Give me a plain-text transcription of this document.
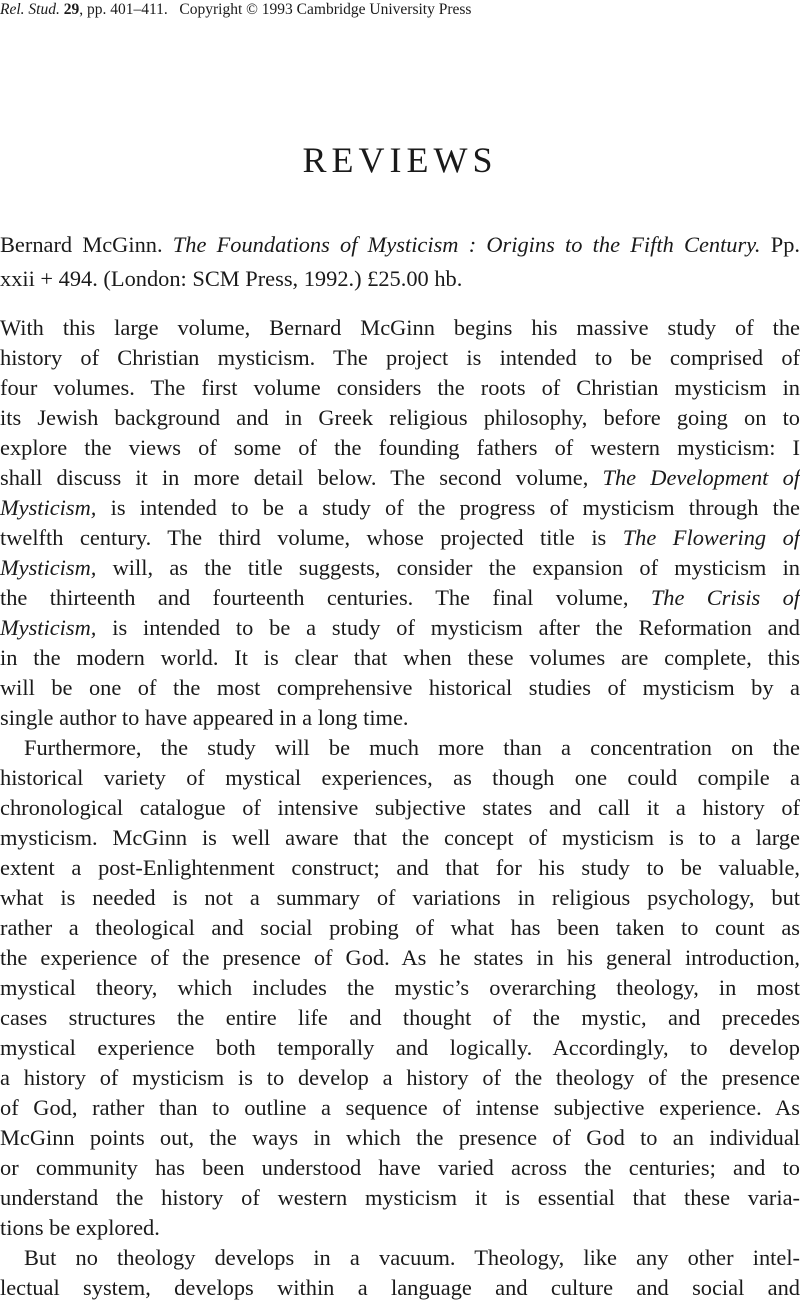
Rel. Stud. 29, pp. 401–411. Copyright © 1993 Cambridge University Press
REVIEWS
Bernard McGinn. The Foundations of Mysticism : Origins to the Fifth Century. Pp.
xxii + 494. (London: SCM Press, 1992.) £25.00 hb.
With this large volume, Bernard McGinn begins his massive study of the
history of Christian mysticism. The project is intended to be comprised of
four volumes. The first volume considers the roots of Christian mysticism in
its Jewish background and in Greek religious philosophy, before going on to
explore the views of some of the founding fathers of western mysticism: I
shall discuss it in more detail below. The second volume, The Development of
Mysticism, is intended to be a study of the progress of mysticism through the
twelfth century. The third volume, whose projected title is The Flowering of
Mysticism, will, as the title suggests, consider the expansion of mysticism in
the thirteenth and fourteenth centuries. The final volume, The Crisis of
Mysticism, is intended to be a study of mysticism after the Reformation and
in the modern world. It is clear that when these volumes are complete, this
will be one of the most comprehensive historical studies of mysticism by a
single author to have appeared in a long time.
Furthermore, the study will be much more than a concentration on the
historical variety of mystical experiences, as though one could compile a
chronological catalogue of intensive subjective states and call it a history of
mysticism. McGinn is well aware that the concept of mysticism is to a large
extent a post-Enlightenment construct; and that for his study to be valuable,
what is needed is not a summary of variations in religious psychology, but
rather a theological and social probing of what has been taken to count as
the experience of the presence of God. As he states in his general introduction,
mystical theory, which includes the mystic’s overarching theology, in most
cases structures the entire life and thought of the mystic, and precedes
mystical experience both temporally and logically. Accordingly, to develop
a history of mysticism is to develop a history of the theology of the presence
of God, rather than to outline a sequence of intense subjective experience. As
McGinn points out, the ways in which the presence of God to an individual
or community has been understood have varied across the centuries; and to
understand the history of western mysticism it is essential that these varia-
tions be explored.
But no theology develops in a vacuum. Theology, like any other intel-
lectual system, develops within a language and culture and social and
